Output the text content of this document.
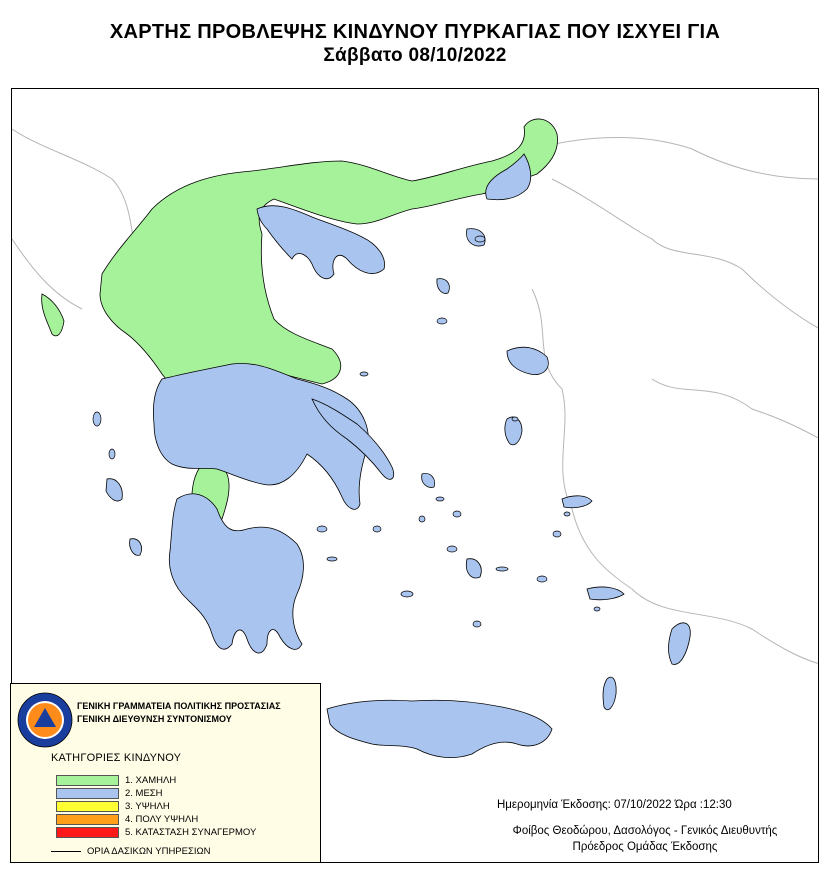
ΧΑΡΤΗΣ ΠΡΟΒΛΕΨΗΣ ΚΙΝΔΥΝΟΥ ΠΥΡΚΑΓΙΑΣ ΠΟΥ ΙΣΧΥΕΙ ΓΙΑ
Σάββατο 08/10/2022
ΓΕΝΙΚΗ ΓΡΑΜΜΑΤΕΙΑ ΠΟΛΙΤΙΚΗΣ ΠΡΟΣΤΑΣΙΑΣ
ΓΕΝΙΚΗ ΔΙΕΥΘΥΝΣΗ ΣΥΝΤΟΝΙΣΜΟΥ
ΚΑΤΗΓΟΡΙΕΣ ΚΙΝΔΥΝΟΥ
1. ΧΑΜΗΛΗ
2. ΜΕΣΗ
3. ΥΨΗΛΗ
4. ΠΟΛΥ ΥΨΗΛΗ
5. ΚΑΤΑΣΤΑΣΗ ΣΥΝΑΓΕΡΜΟΥ
ΟΡΙΑ ΔΑΣΙΚΩΝ ΥΠΗΡΕΣΙΩΝ
Ημερομηνία Έκδοσης: 07/10/2022 Ώρα :12:30
Φοίβος Θεοδώρου, Δασολόγος - Γενικός Διευθυντής
Πρόεδρος Ομάδας Έκδοσης
